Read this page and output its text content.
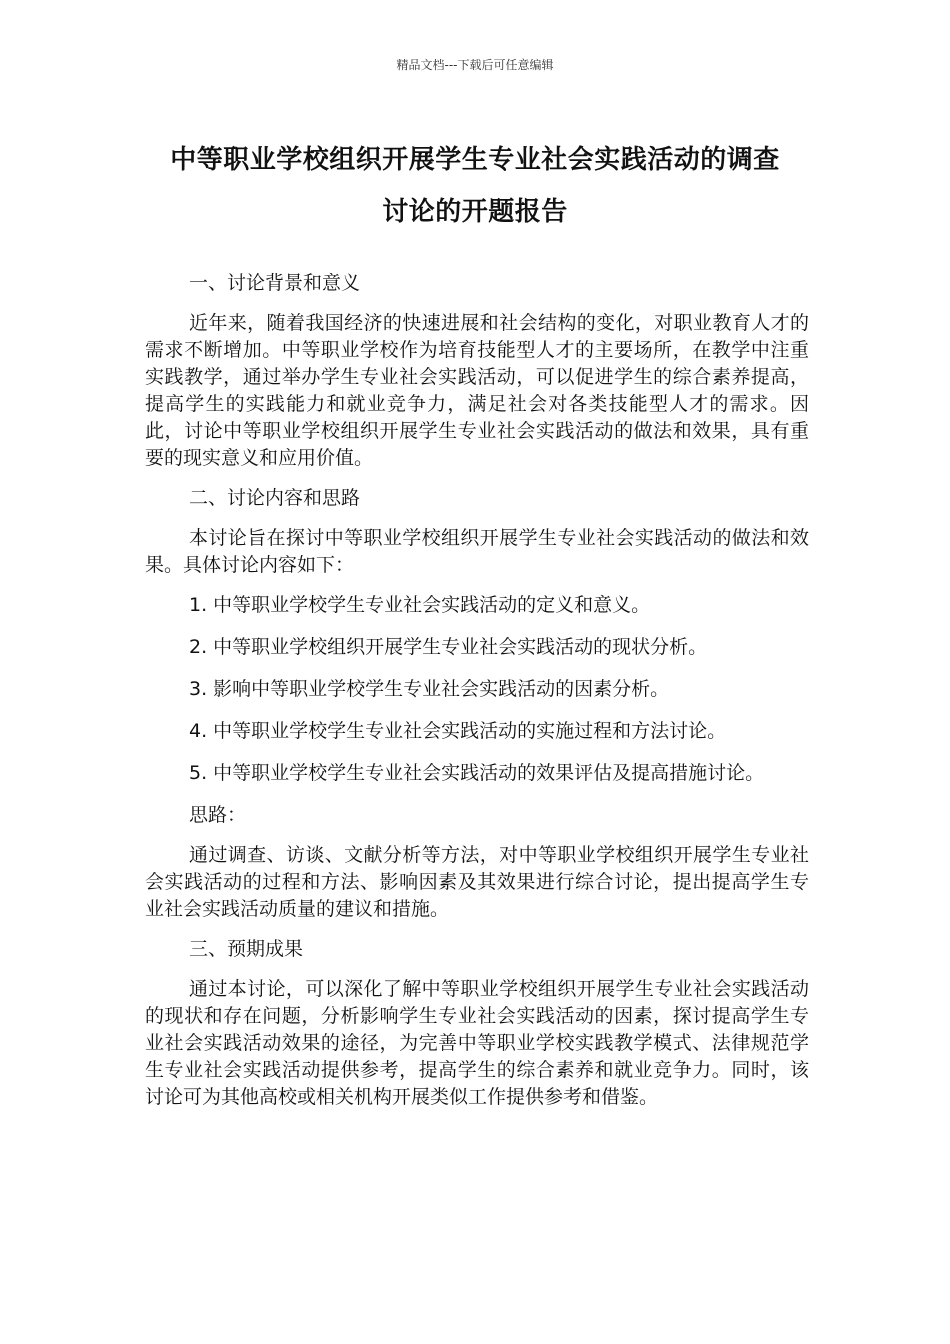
精品文档---下载后可任意编辑
中等职业学校组织开展学生专业社会实践活动的调查
讨论的开题报告
一、讨论背景和意义
近年来，随着我国经济的快速进展和社会结构的变化，对职业教育人才的需求不断增加。中等职业学校作为培育技能型人才的主要场所，在教学中注重实践教学，通过举办学生专业社会实践活动，可以促进学生的综合素养提高，提高学生的实践能力和就业竞争力，满足社会对各类技能型人才的需求。因此，讨论中等职业学校组织开展学生专业社会实践活动的做法和效果，具有重要的现实意义和应用价值。
二、讨论内容和思路
本讨论旨在探讨中等职业学校组织开展学生专业社会实践活动的做法和效果。具体讨论内容如下：
1. 中等职业学校学生专业社会实践活动的定义和意义。
2. 中等职业学校组织开展学生专业社会实践活动的现状分析。
3. 影响中等职业学校学生专业社会实践活动的因素分析。
4. 中等职业学校学生专业社会实践活动的实施过程和方法讨论。
5. 中等职业学校学生专业社会实践活动的效果评估及提高措施讨论。
思路：
通过调查、访谈、文献分析等方法，对中等职业学校组织开展学生专业社会实践活动的过程和方法、影响因素及其效果进行综合讨论，提出提高学生专业社会实践活动质量的建议和措施。
三、预期成果
通过本讨论，可以深化了解中等职业学校组织开展学生专业社会实践活动的现状和存在问题，分析影响学生专业社会实践活动的因素，探讨提高学生专业社会实践活动效果的途径，为完善中等职业学校实践教学模式、法律规范学生专业社会实践活动提供参考，提高学生的综合素养和就业竞争力。同时，该讨论可为其他高校或相关机构开展类似工作提供参考和借鉴。
